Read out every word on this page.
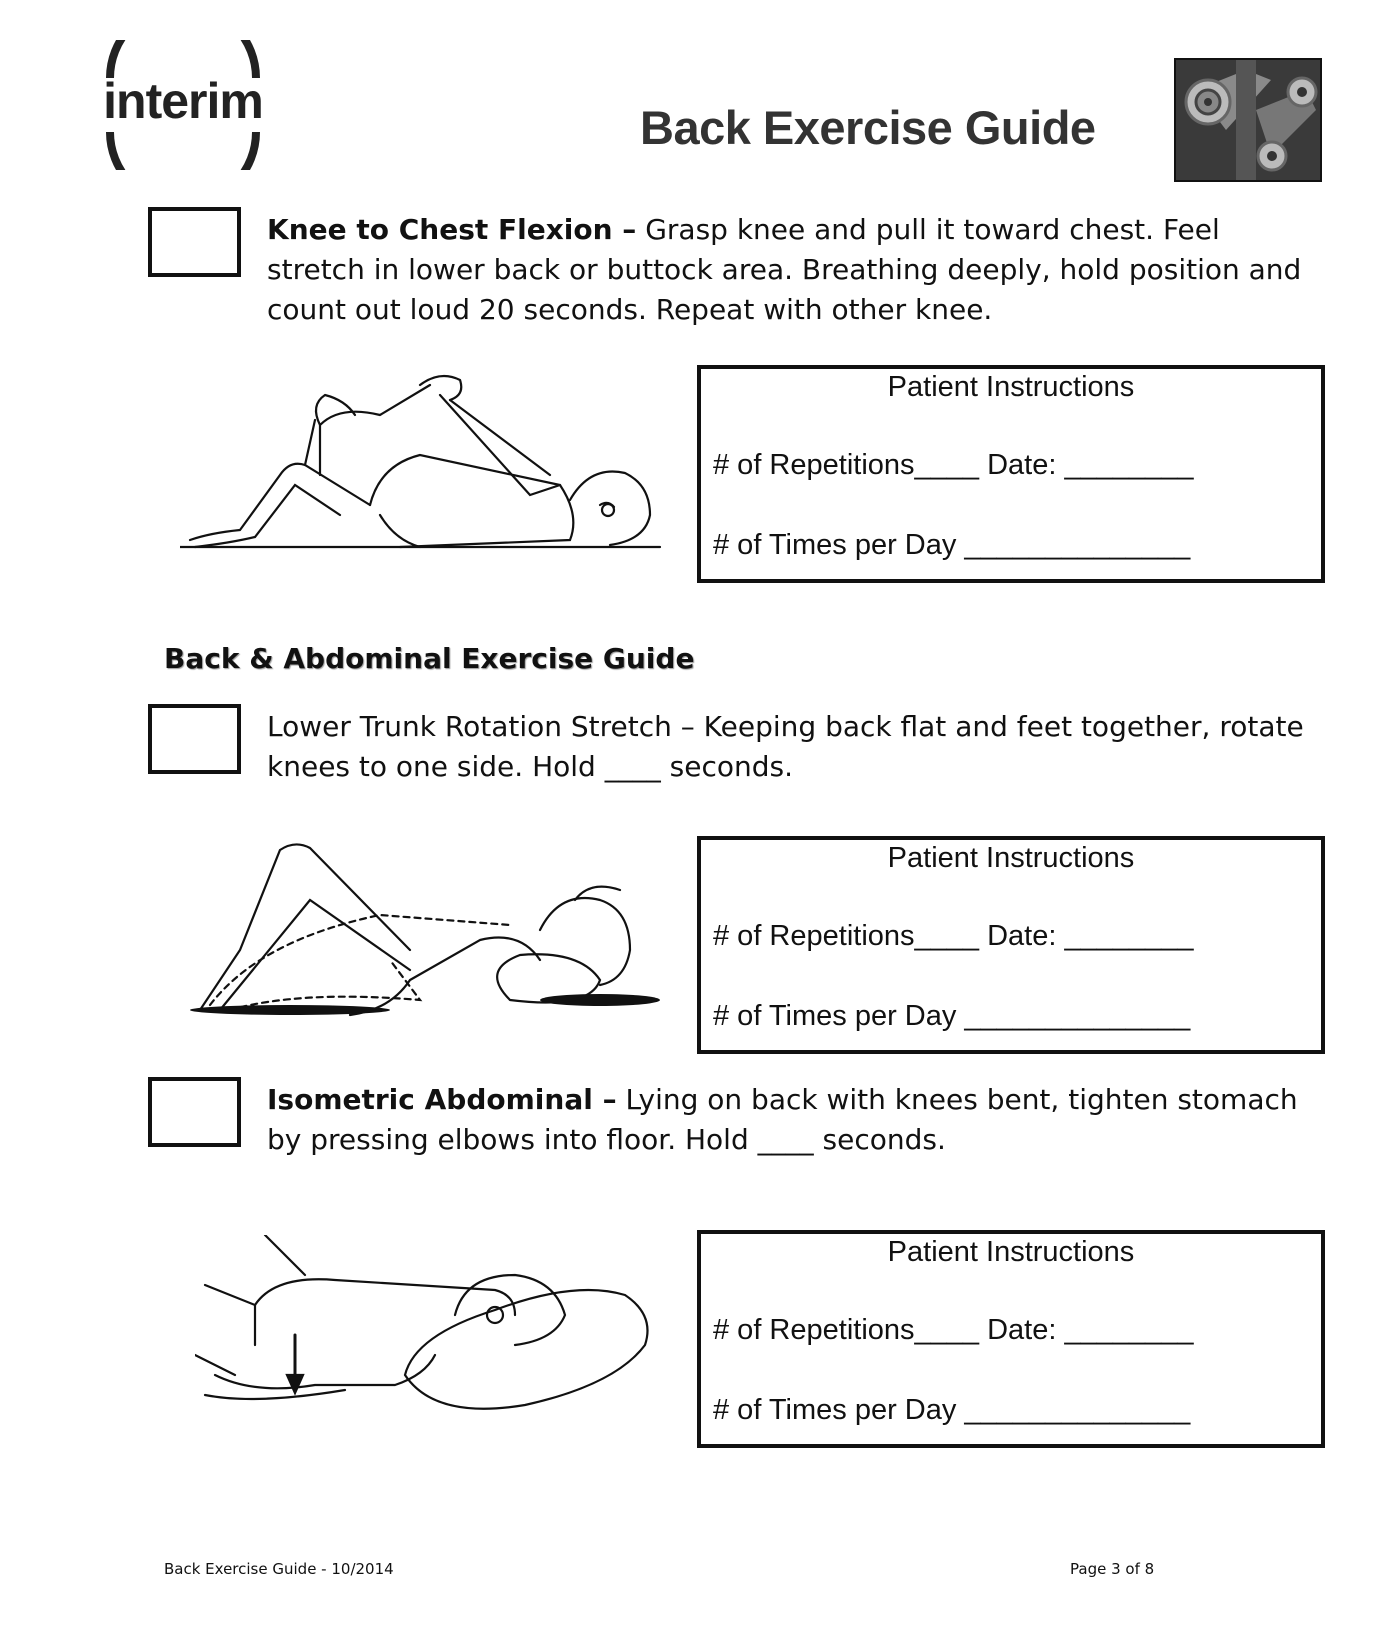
interim	Back Exercise Guide
Knee to Chest Flexion – Grasp knee and pull it toward chest. Feel stretch in lower back or buttock area. Breathing deeply, hold position and count out loud 20 seconds. Repeat with other knee.
Patient Instructions
# of Repetitions____ Date: ________
# of Times per Day ______________
Back & Abdominal Exercise Guide
Lower Trunk Rotation Stretch – Keeping back flat and feet together, rotate knees to one side. Hold ____ seconds.
Patient Instructions
# of Repetitions____ Date: ________
# of Times per Day ______________
Isometric Abdominal – Lying on back with knees bent, tighten stomach by pressing elbows into floor. Hold ____ seconds.
Patient Instructions
# of Repetitions____ Date: ________
# of Times per Day ______________
Back Exercise Guide - 10/2014	Page 3 of 8
